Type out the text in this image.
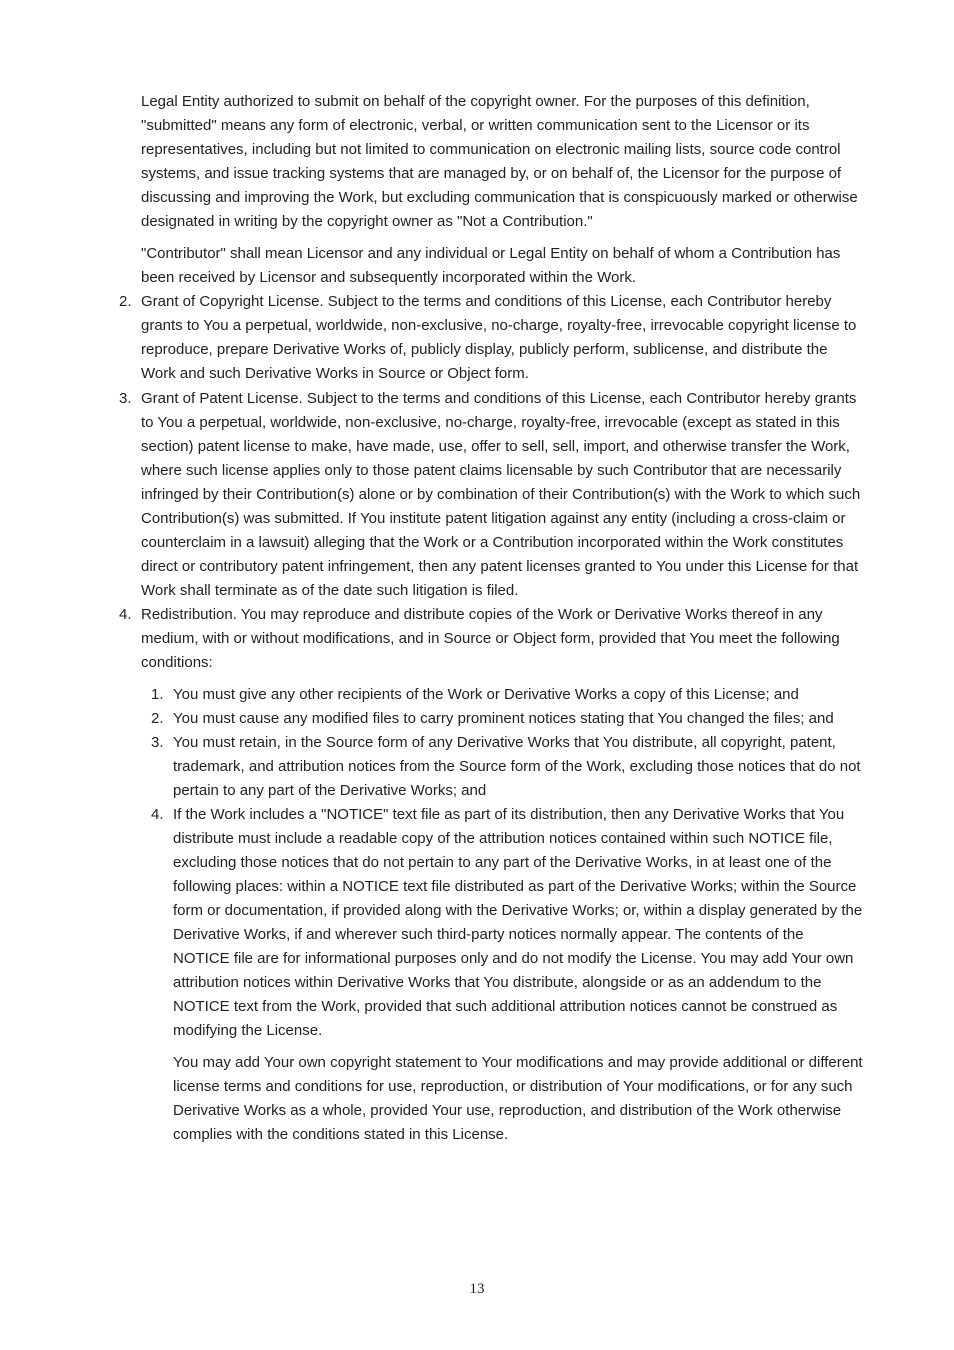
Legal Entity authorized to submit on behalf of the copyright owner. For the purposes of this definition, "submitted" means any form of electronic, verbal, or written communication sent to the Licensor or its representatives, including but not limited to communication on electronic mailing lists, source code control systems, and issue tracking systems that are managed by, or on behalf of, the Licensor for the purpose of discussing and improving the Work, but excluding communication that is conspicuously marked or otherwise designated in writing by the copyright owner as "Not a Contribution."

"Contributor" shall mean Licensor and any individual or Legal Entity on behalf of whom a Contribution has been received by Licensor and subsequently incorporated within the Work.

2. Grant of Copyright License. Subject to the terms and conditions of this License, each Contributor hereby grants to You a perpetual, worldwide, non-exclusive, no-charge, royalty-free, irrevocable copyright license to reproduce, prepare Derivative Works of, publicly display, publicly perform, sublicense, and distribute the Work and such Derivative Works in Source or Object form.
3. Grant of Patent License. Subject to the terms and conditions of this License, each Contributor hereby grants to You a perpetual, worldwide, non-exclusive, no-charge, royalty-free, irrevocable (except as stated in this section) patent license to make, have made, use, offer to sell, sell, import, and otherwise transfer the Work, where such license applies only to those patent claims licensable by such Contributor that are necessarily infringed by their Contribution(s) alone or by combination of their Contribution(s) with the Work to which such Contribution(s) was submitted. If You institute patent litigation against any entity (including a cross-claim or counterclaim in a lawsuit) alleging that the Work or a Contribution incorporated within the Work constitutes direct or contributory patent infringement, then any patent licenses granted to You under this License for that Work shall terminate as of the date such litigation is filed.
4. Redistribution. You may reproduce and distribute copies of the Work or Derivative Works thereof in any medium, with or without modifications, and in Source or Object form, provided that You meet the following conditions:
1. You must give any other recipients of the Work or Derivative Works a copy of this License; and
2. You must cause any modified files to carry prominent notices stating that You changed the files; and
3. You must retain, in the Source form of any Derivative Works that You distribute, all copyright, patent, trademark, and attribution notices from the Source form of the Work, excluding those notices that do not pertain to any part of the Derivative Works; and
4. If the Work includes a "NOTICE" text file as part of its distribution, then any Derivative Works that You distribute must include a readable copy of the attribution notices contained within such NOTICE file, excluding those notices that do not pertain to any part of the Derivative Works, in at least one of the following places: within a NOTICE text file distributed as part of the Derivative Works; within the Source form or documentation, if provided along with the Derivative Works; or, within a display generated by the Derivative Works, if and wherever such third-party notices normally appear. The contents of the NOTICE file are for informational purposes only and do not modify the License. You may add Your own attribution notices within Derivative Works that You distribute, alongside or as an addendum to the NOTICE text from the Work, provided that such additional attribution notices cannot be construed as modifying the License.

You may add Your own copyright statement to Your modifications and may provide additional or different license terms and conditions for use, reproduction, or distribution of Your modifications, or for any such Derivative Works as a whole, provided Your use, reproduction, and distribution of the Work otherwise complies with the conditions stated in this License.

13
